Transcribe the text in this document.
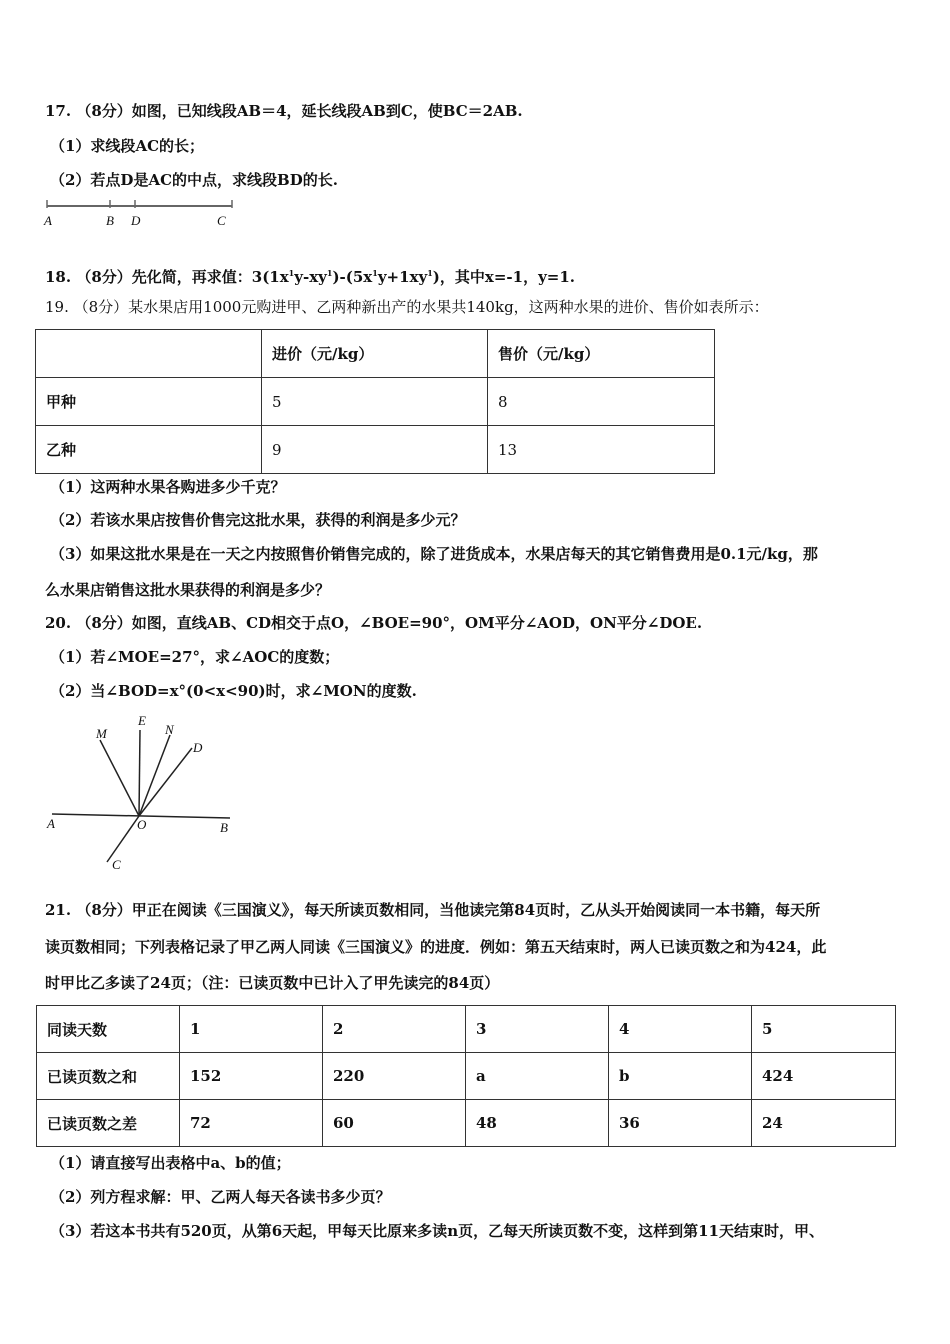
17. （8分）如图，已知线段AB＝4，延长线段AB到C，使BC＝2AB.
（1）求线段AC的长；
（2）若点D是AC的中点，求线段BD的长.
A	B D	C
18. （8分）先化简，再求值：$3(1x^1y-xy^1)-(5x^1y+1xy^1)$，其中x=-1，y=1.
19. （8分）某水果店用1000元购进甲、乙两种新出产的水果共140kg，这两种水果的进价、售价如表所示：
	进价（元/kg）	售价（元/kg）
甲种	5	8
乙种	9	13
（1）这两种水果各购进多少千克？
（2）若该水果店按售价售完这批水果，获得的利润是多少元？
（3）如果这批水果是在一天之内按照售价销售完成的，除了进货成本，水果店每天的其它销售费用是0.1元/kg，那
么水果店销售这批水果获得的利润是多少？
20. （8分）如图，直线AB、CD相交于点O，∠BOE=90°，OM平分∠AOD，ON平分∠DOE.
（1）若∠MOE=27°，求∠AOC的度数；
（2）当∠BOD=x°(0<x<90)时，求∠MON的度数.
M
E
N
D
A	O	B
C
21. （8分）甲正在阅读《三国演义》，每天所读页数相同，当他读完第84页时，乙从头开始阅读同一本书籍，每天所
读页数相同；下列表格记录了甲乙两人同读《三国演义》的进度．例如：第五天结束时，两人已读页数之和为424，此
时甲比乙多读了24页；（注：已读页数中已计入了甲先读完的84页）
同读天数	1	2	3	4	5
已读页数之和	152	220	a	b	424
已读页数之差	72	60	48	36	24
（1）请直接写出表格中a、b的值；
（2）列方程求解：甲、乙两人每天各读书多少页？
（3）若这本书共有520页，从第6天起，甲每天比原来多读n页，乙每天所读页数不变，这样到第11天结束时，甲、
